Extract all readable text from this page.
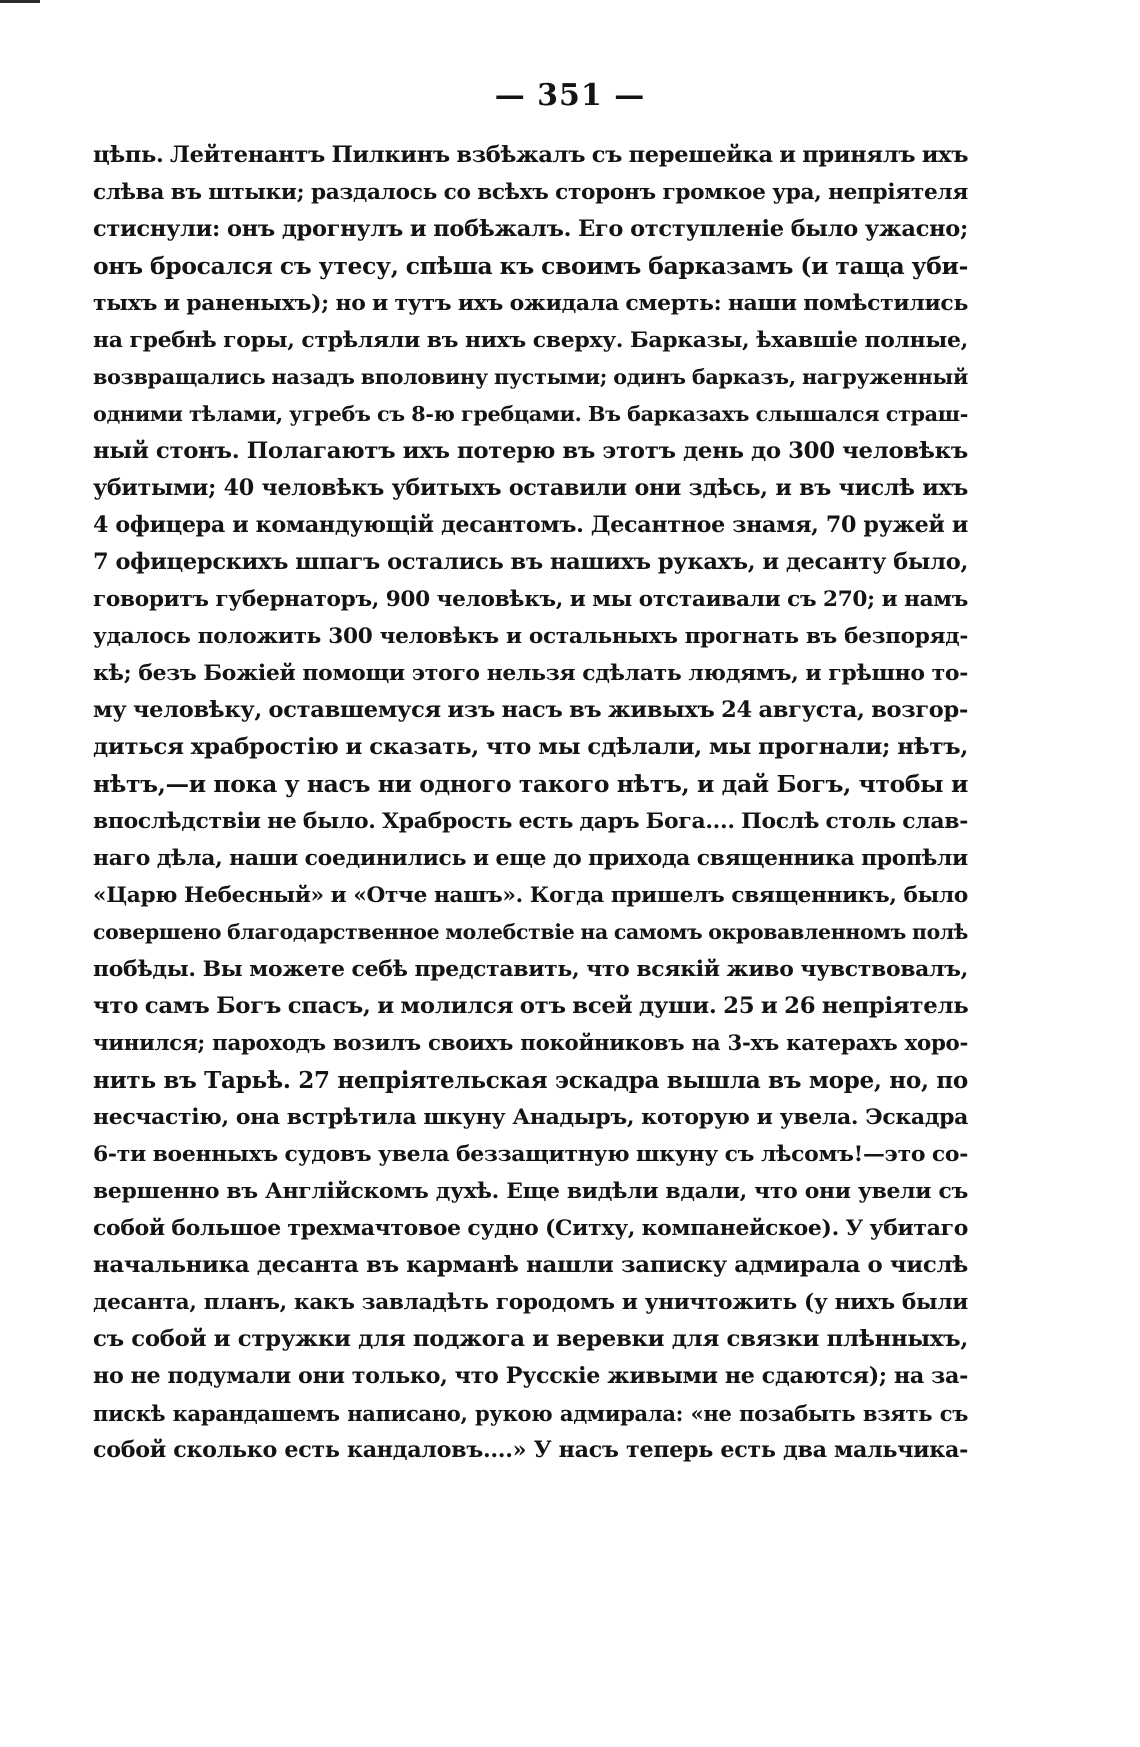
— 351 —
цѣпь. Лейтенантъ Пилкинъ взбѣжалъ съ перешейка и принялъ ихъ
слѣва въ штыки; раздалось со всѣхъ сторонъ громкое ура, непріятеля
стиснули: онъ дрогнулъ и побѣжалъ. Его отступленіе было ужасно;
онъ бросался съ утесу, спѣша къ своимъ барказамъ (и таща уби-
тыхъ и раненыхъ); но и тутъ ихъ ожидала смерть: наши помѣстились
на гребнѣ горы, стрѣляли въ нихъ сверху. Барказы, ѣхавшіе полные,
возвращались назадъ вполовину пустыми; одинъ барказъ, нагруженный
одними тѣлами, угребъ съ 8-ю гребцами. Въ барказахъ слышался страш-
ный стонъ. Полагаютъ ихъ потерю въ этотъ день до 300 человѣкъ
убитыми; 40 человѣкъ убитыхъ оставили они здѣсь, и въ числѣ ихъ
4 офицера и командующій десантомъ. Десантное знамя, 70 ружей и
7 офицерскихъ шпагъ остались въ нашихъ рукахъ, и десанту было,
говоритъ губернаторъ, 900 человѣкъ, и мы отстаивали съ 270; и намъ
удалось положить 300 человѣкъ и остальныхъ прогнать въ безпоряд-
кѣ; безъ Божіей помощи этого нельзя сдѣлать людямъ, и грѣшно то-
му человѣку, оставшемуся изъ насъ въ живыхъ 24 августа, возгор-
диться храбростію и сказать, что мы сдѣлали, мы прогнали; нѣтъ,
нѣтъ,—и пока у насъ ни одного такого нѣтъ, и дай Богъ, чтобы и
впослѣдствіи не было. Храбрость есть даръ Бога.... Послѣ столь слав-
наго дѣла, наши соединились и еще до прихода священника пропѣли
«Царю Небесный» и «Отче нашъ». Когда пришелъ священникъ, было
совершено благодарственное молебствіе на самомъ окровавленномъ полѣ
побѣды. Вы можете себѣ представить, что всякій живо чувствовалъ,
что самъ Богъ спасъ, и молился отъ всей души. 25 и 26 непріятель
чинился; пароходъ возилъ своихъ покойниковъ на 3-хъ катерахъ хоро-
нить въ Тарьѣ. 27 непріятельская эскадра вышла въ море, но, по
несчастію, она встрѣтила шкуну Анадыръ, которую и увела. Эскадра
6-ти военныхъ судовъ увела беззащитную шкуну съ лѣсомъ!—это со-
вершенно въ Англійскомъ духѣ. Еще видѣли вдали, что они увели съ
собой большое трехмачтовое судно (Ситху, компанейское). У убитаго
начальника десанта въ карманѣ нашли записку адмирала о числѣ
десанта, планъ, какъ завладѣть городомъ и уничтожить (у нихъ были
съ собой и стружки для поджога и веревки для связки плѣнныхъ,
но не подумали они только, что Русскіе живыми не сдаются); на за-
пискѣ карандашемъ написано, рукою адмирала: «не позабыть взять съ
собой сколько есть кандаловъ....» У насъ теперь есть два мальчика-
